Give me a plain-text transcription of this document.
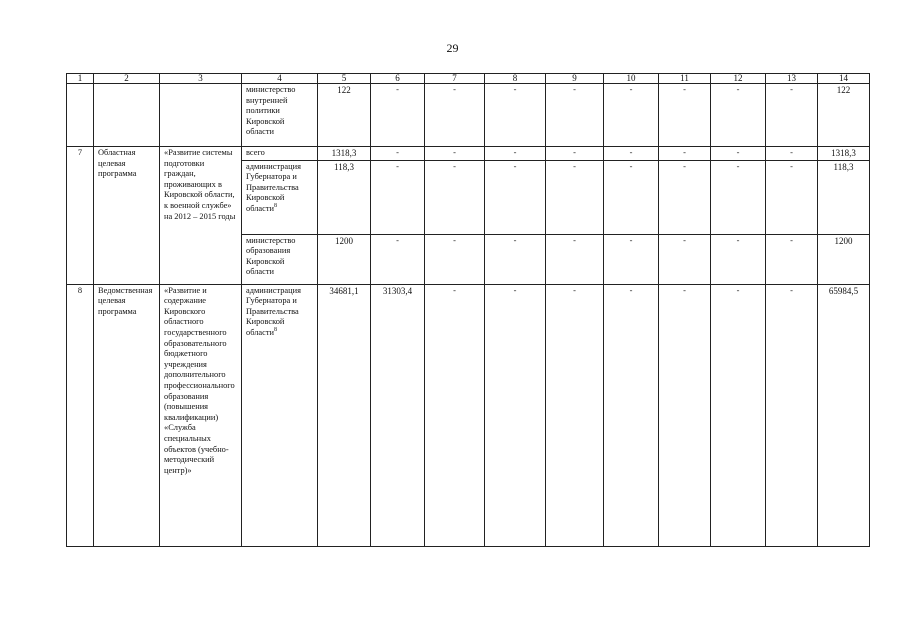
29
1	2	3	4	5	6	7	8	9	10	11	12	13	14
			министерство внутренней политики Кировской области	122	-	-	-	-	-	-	-	-	122
7	Областная целевая программа	«Развитие системы подготовки граждан, проживающих в Кировской области, к военной службе» на 2012 – 2015 годы	всего	1318,3	-	-	-	-	-	-	-	-	1318,3
			администрация Губернатора и Правительства Кировской области$^8$	118,3	-	-	-	-	-	-	-	-	118,3
			министерство образования Кировской области	1200	-	-	-	-	-	-	-	-	1200
8	Ведомственная целевая программа	«Развитие и содержание Кировского областного государственного образовательного бюджетного учреждения дополнительного профессионального образования (повышения квалификации) «Служба специальных объектов (учебно-методический центр)»	администрация Губернатора и Правительства Кировской области$^8$	34681,1	31303,4	-	-	-	-	-	-	-	65984,5
